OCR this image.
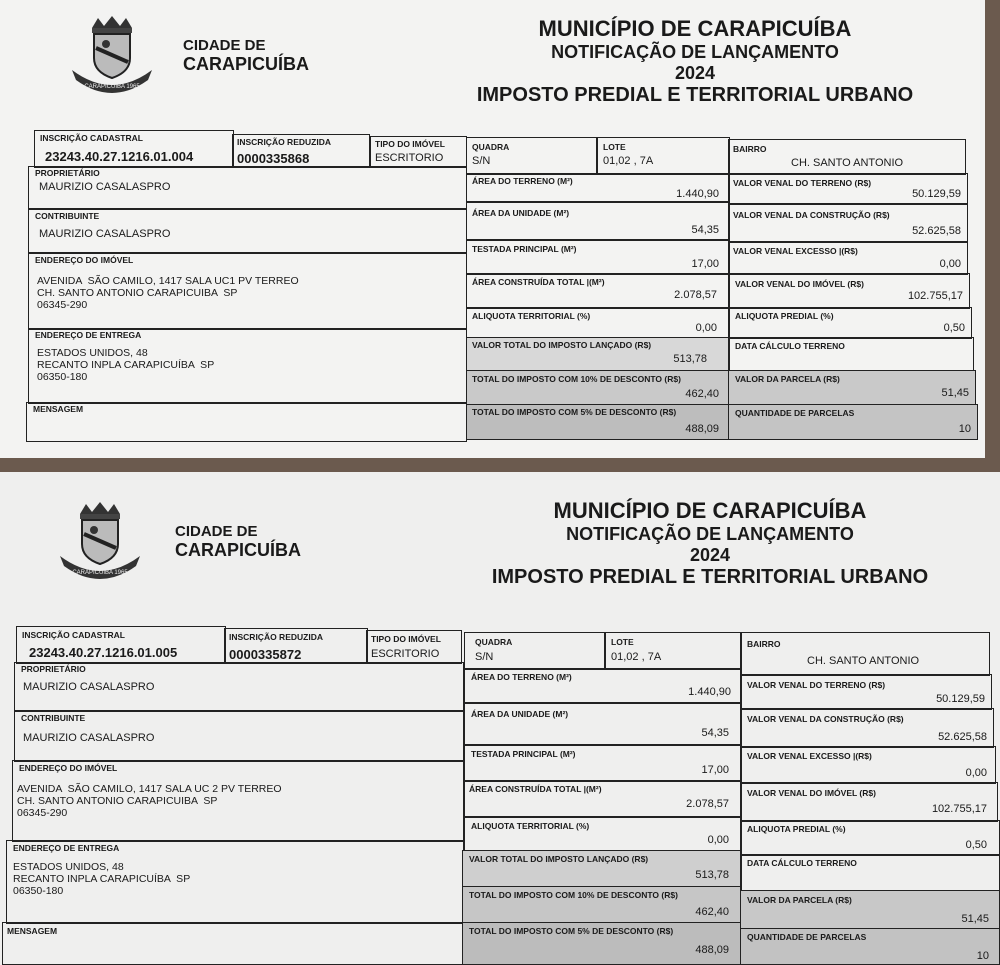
CARAPICUÍBA 1965
CIDADE DE
CARAPICUÍBA
MUNICÍPIO DE CARAPICUÍBA
NOTIFICAÇÃO DE LANÇAMENTO
2024
IMPOSTO PREDIAL E TERRITORIAL URBANO
INSCRIÇÃO CADASTRAL
23243.40.27.1216.01.004
INSCRIÇÃO REDUZIDA
0000335868
TIPO DO IMÓVEL
ESCRITORIO
PROPRIETÁRIO
MAURIZIO CASALASPRO
CONTRIBUINTE
MAURIZIO CASALASPRO
ENDEREÇO DO IMÓVEL
AVENIDA  SÃO CAMILO, 1417 SALA UC1 PV TERREO
CH. SANTO ANTONIO CARAPICUIBA  SP
06345-290
ENDEREÇO DE ENTREGA
ESTADOS UNIDOS, 48
RECANTO INPLA CARAPICUÍBA  SP
06350-180
MENSAGEM
QUADRA
S/N
LOTE
01,02 , 7A
ÁREA DO TERRENO (M²)
1.440,90
ÁREA DA UNIDADE (M²)
54,35
TESTADA PRINCIPAL (M²)
17,00
ÁREA CONSTRUÍDA TOTAL |(M²)
2.078,57
ALIQUOTA TERRITORIAL (%)
0,00
VALOR TOTAL DO IMPOSTO LANÇADO (R$)
513,78
TOTAL DO IMPOSTO COM 10% DE DESCONTO (R$)
462,40
TOTAL DO IMPOSTO COM 5% DE DESCONTO (R$)
488,09
BAIRRO
CH. SANTO ANTONIO
VALOR VENAL DO TERRENO (R$)
50.129,59
VALOR VENAL DA CONSTRUÇÃO (R$)
52.625,58
VALOR VENAL EXCESSO |(R$)
0,00
VALOR VENAL DO IMÓVEL (R$)
102.755,17
ALIQUOTA PREDIAL (%)
0,50
DATA CÁLCULO TERRENO
VALOR DA PARCELA (R$)
51,45
QUANTIDADE DE PARCELAS
10
CARAPICUÍBA 1965
CIDADE DE
CARAPICUÍBA
MUNICÍPIO DE CARAPICUÍBA
NOTIFICAÇÃO DE LANÇAMENTO
2024
IMPOSTO PREDIAL E TERRITORIAL URBANO
INSCRIÇÃO CADASTRAL
23243.40.27.1216.01.005
INSCRIÇÃO REDUZIDA
0000335872
TIPO DO IMÓVEL
ESCRITORIO
PROPRIETÁRIO
MAURIZIO CASALASPRO
CONTRIBUINTE
MAURIZIO CASALASPRO
ENDEREÇO DO IMÓVEL
AVENIDA  SÃO CAMILO, 1417 SALA UC 2 PV TERREO
CH. SANTO ANTONIO CARAPICUIBA  SP
06345-290
ENDEREÇO DE ENTREGA
ESTADOS UNIDOS, 48
RECANTO INPLA CARAPICUÍBA  SP
06350-180
MENSAGEM
QUADRA
S/N
LOTE
01,02 , 7A
ÁREA DO TERRENO (M²)
1.440,90
ÁREA DA UNIDADE (M²)
54,35
TESTADA PRINCIPAL (M²)
17,00
ÁREA CONSTRUÍDA TOTAL |(M²)
2.078,57
ALIQUOTA TERRITORIAL (%)
0,00
VALOR TOTAL DO IMPOSTO LANÇADO (R$)
513,78
TOTAL DO IMPOSTO COM 10% DE DESCONTO (R$)
462,40
TOTAL DO IMPOSTO COM 5% DE DESCONTO (R$)
488,09
BAIRRO
CH. SANTO ANTONIO
VALOR VENAL DO TERRENO (R$)
50.129,59
VALOR VENAL DA CONSTRUÇÃO (R$)
52.625,58
VALOR VENAL EXCESSO |(R$)
0,00
VALOR VENAL DO IMÓVEL (R$)
102.755,17
ALIQUOTA PREDIAL (%)
0,50
DATA CÁLCULO TERRENO
VALOR DA PARCELA (R$)
51,45
QUANTIDADE DE PARCELAS
10
